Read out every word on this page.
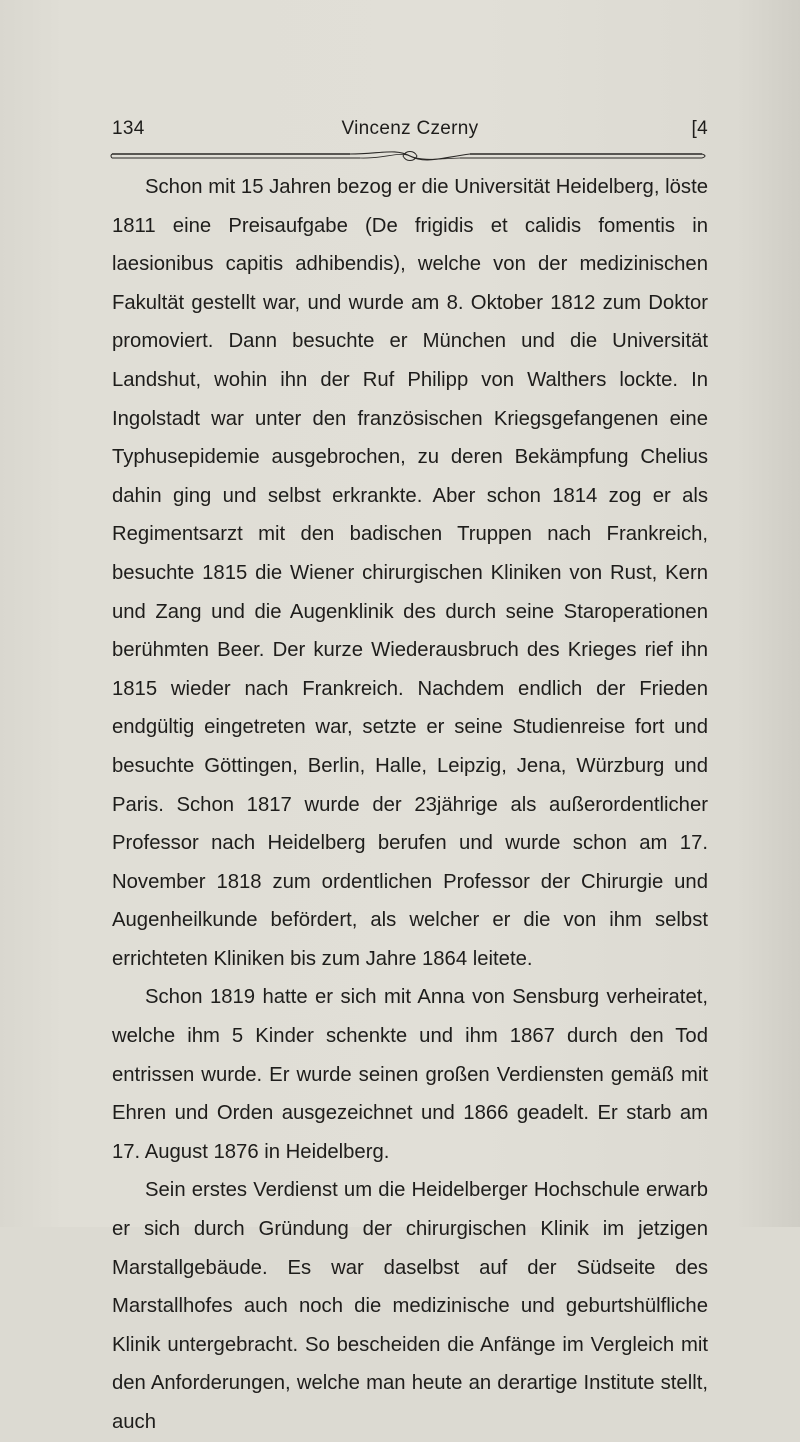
134	Vincenz Czerny	[4

Schon mit 15 Jahren bezog er die Universität Heidelberg, löste 1811 eine Preisaufgabe (De frigidis et calidis fomentis in laesionibus capitis adhibendis), welche von der medizinischen Fakultät gestellt war, und wurde am 8. Oktober 1812 zum Doktor promoviert. Dann besuchte er München und die Universität Landshut, wohin ihn der Ruf Philipp von Walthers lockte. In Ingolstadt war unter den französischen Kriegsgefangenen eine Typhusepidemie ausgebrochen, zu deren Bekämpfung Chelius dahin ging und selbst erkrankte. Aber schon 1814 zog er als Regimentsarzt mit den badischen Truppen nach Frankreich, besuchte 1815 die Wiener chirurgischen Kliniken von Rust, Kern und Zang und die Augenklinik des durch seine Staroperationen berühmten Beer. Der kurze Wiederausbruch des Krieges rief ihn 1815 wieder nach Frankreich. Nachdem endlich der Frieden endgültig eingetreten war, setzte er seine Studienreise fort und besuchte Göttingen, Berlin, Halle, Leipzig, Jena, Würzburg und Paris. Schon 1817 wurde der 23jährige als außerordentlicher Professor nach Heidelberg berufen und wurde schon am 17. November 1818 zum ordentlichen Professor der Chirurgie und Augenheilkunde befördert, als welcher er die von ihm selbst errichteten Kliniken bis zum Jahre 1864 leitete.

Schon 1819 hatte er sich mit Anna von Sensburg verheiratet, welche ihm 5 Kinder schenkte und ihm 1867 durch den Tod entrissen wurde. Er wurde seinen großen Verdiensten gemäß mit Ehren und Orden ausgezeichnet und 1866 geadelt. Er starb am 17. August 1876 in Heidelberg.

Sein erstes Verdienst um die Heidelberger Hochschule erwarb er sich durch Gründung der chirurgischen Klinik im jetzigen Marstallgebäude. Es war daselbst auf der Südseite des Marstallhofes auch noch die medizinische und geburtshülfliche Klinik untergebracht. So bescheiden die Anfänge im Vergleich mit den Anforderungen, welche man heute an derartige Institute stellt, auch
